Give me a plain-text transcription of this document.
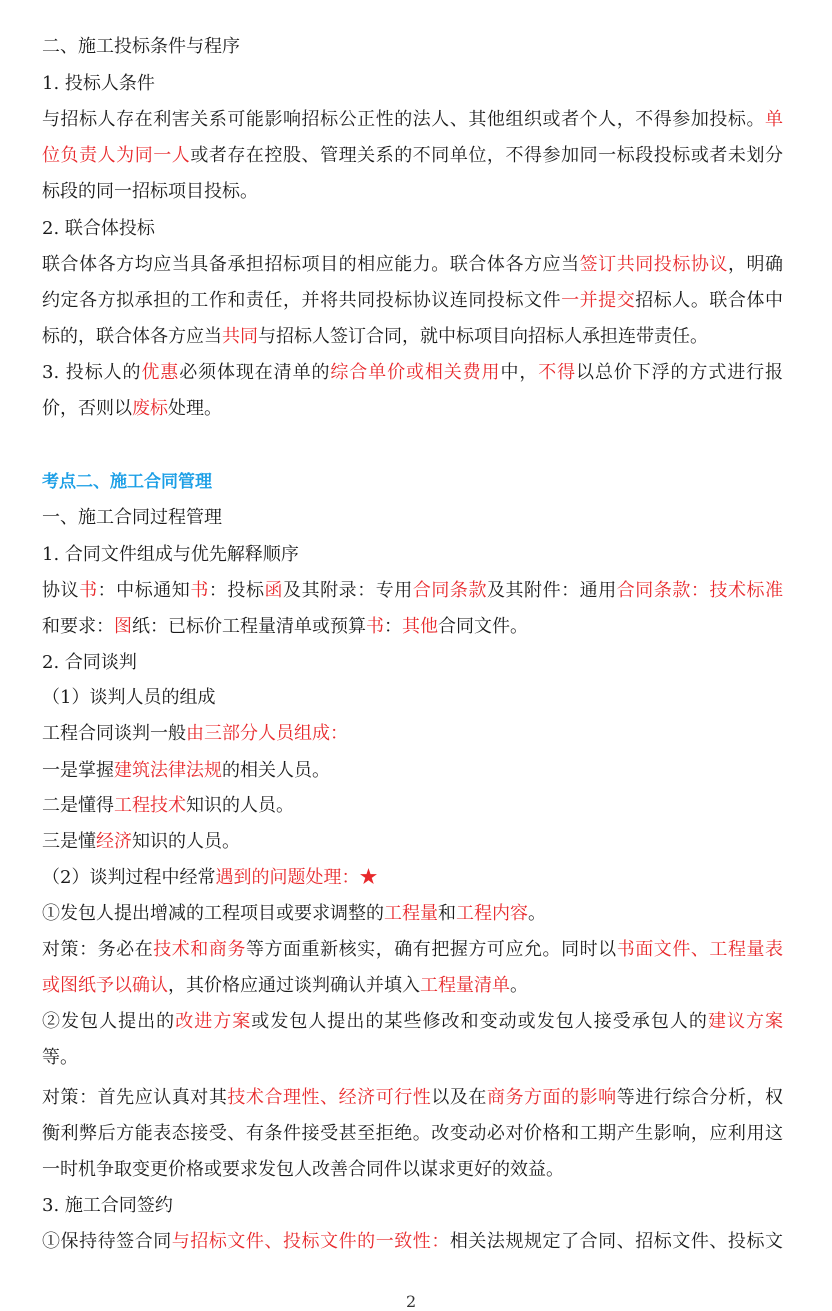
二、施工投标条件与程序
1. 投标人条件
与招标人存在利害关系可能影响招标公正性的法人、其他组织或者个人，不得参加投标。单
位负责人为同一人或者存在控股、管理关系的不同单位，不得参加同一标段投标或者未划分
标段的同一招标项目投标。
2. 联合体投标
联合体各方均应当具备承担招标项目的相应能力。联合体各方应当签订共同投标协议，明确
约定各方拟承担的工作和责任，并将共同投标协议连同投标文件一并提交招标人。联合体中
标的，联合体各方应当共同与招标人签订合同，就中标项目向招标人承担连带责任。
3. 投标人的优惠必须体现在清单的综合单价或相关费用中，不得以总价下浮的方式进行报
价，否则以废标处理。
考点二、施工合同管理
一、施工合同过程管理
1. 合同文件组成与优先解释顺序
协议书：中标通知书：投标函及其附录：专用合同条款及其附件：通用合同条款：技术标准
和要求：图纸：已标价工程量清单或预算书：其他合同文件。
2. 合同谈判
（1）谈判人员的组成
工程合同谈判一般由三部分人员组成：
一是掌握建筑法律法规的相关人员。
二是懂得工程技术知识的人员。
三是懂经济知识的人员。
（2）谈判过程中经常遇到的问题处理：★
①发包人提出增减的工程项目或要求调整的工程量和工程内容。
对策：务必在技术和商务等方面重新核实，确有把握方可应允。同时以书面文件、工程量表
或图纸予以确认，其价格应通过谈判确认并填入工程量清单。
②发包人提出的改进方案或发包人提出的某些修改和变动或发包人接受承包人的建议方案
等。
对策：首先应认真对其技术合理性、经济可行性以及在商务方面的影响等进行综合分析，权
衡利弊后方能表态接受、有条件接受甚至拒绝。改变动必对价格和工期产生影响，应利用这
一时机争取变更价格或要求发包人改善合同件以谋求更好的效益。
3. 施工合同签约
①保持待签合同与招标文件、投标文件的一致性：相关法规规定了合同、招标文件、投标文
2
